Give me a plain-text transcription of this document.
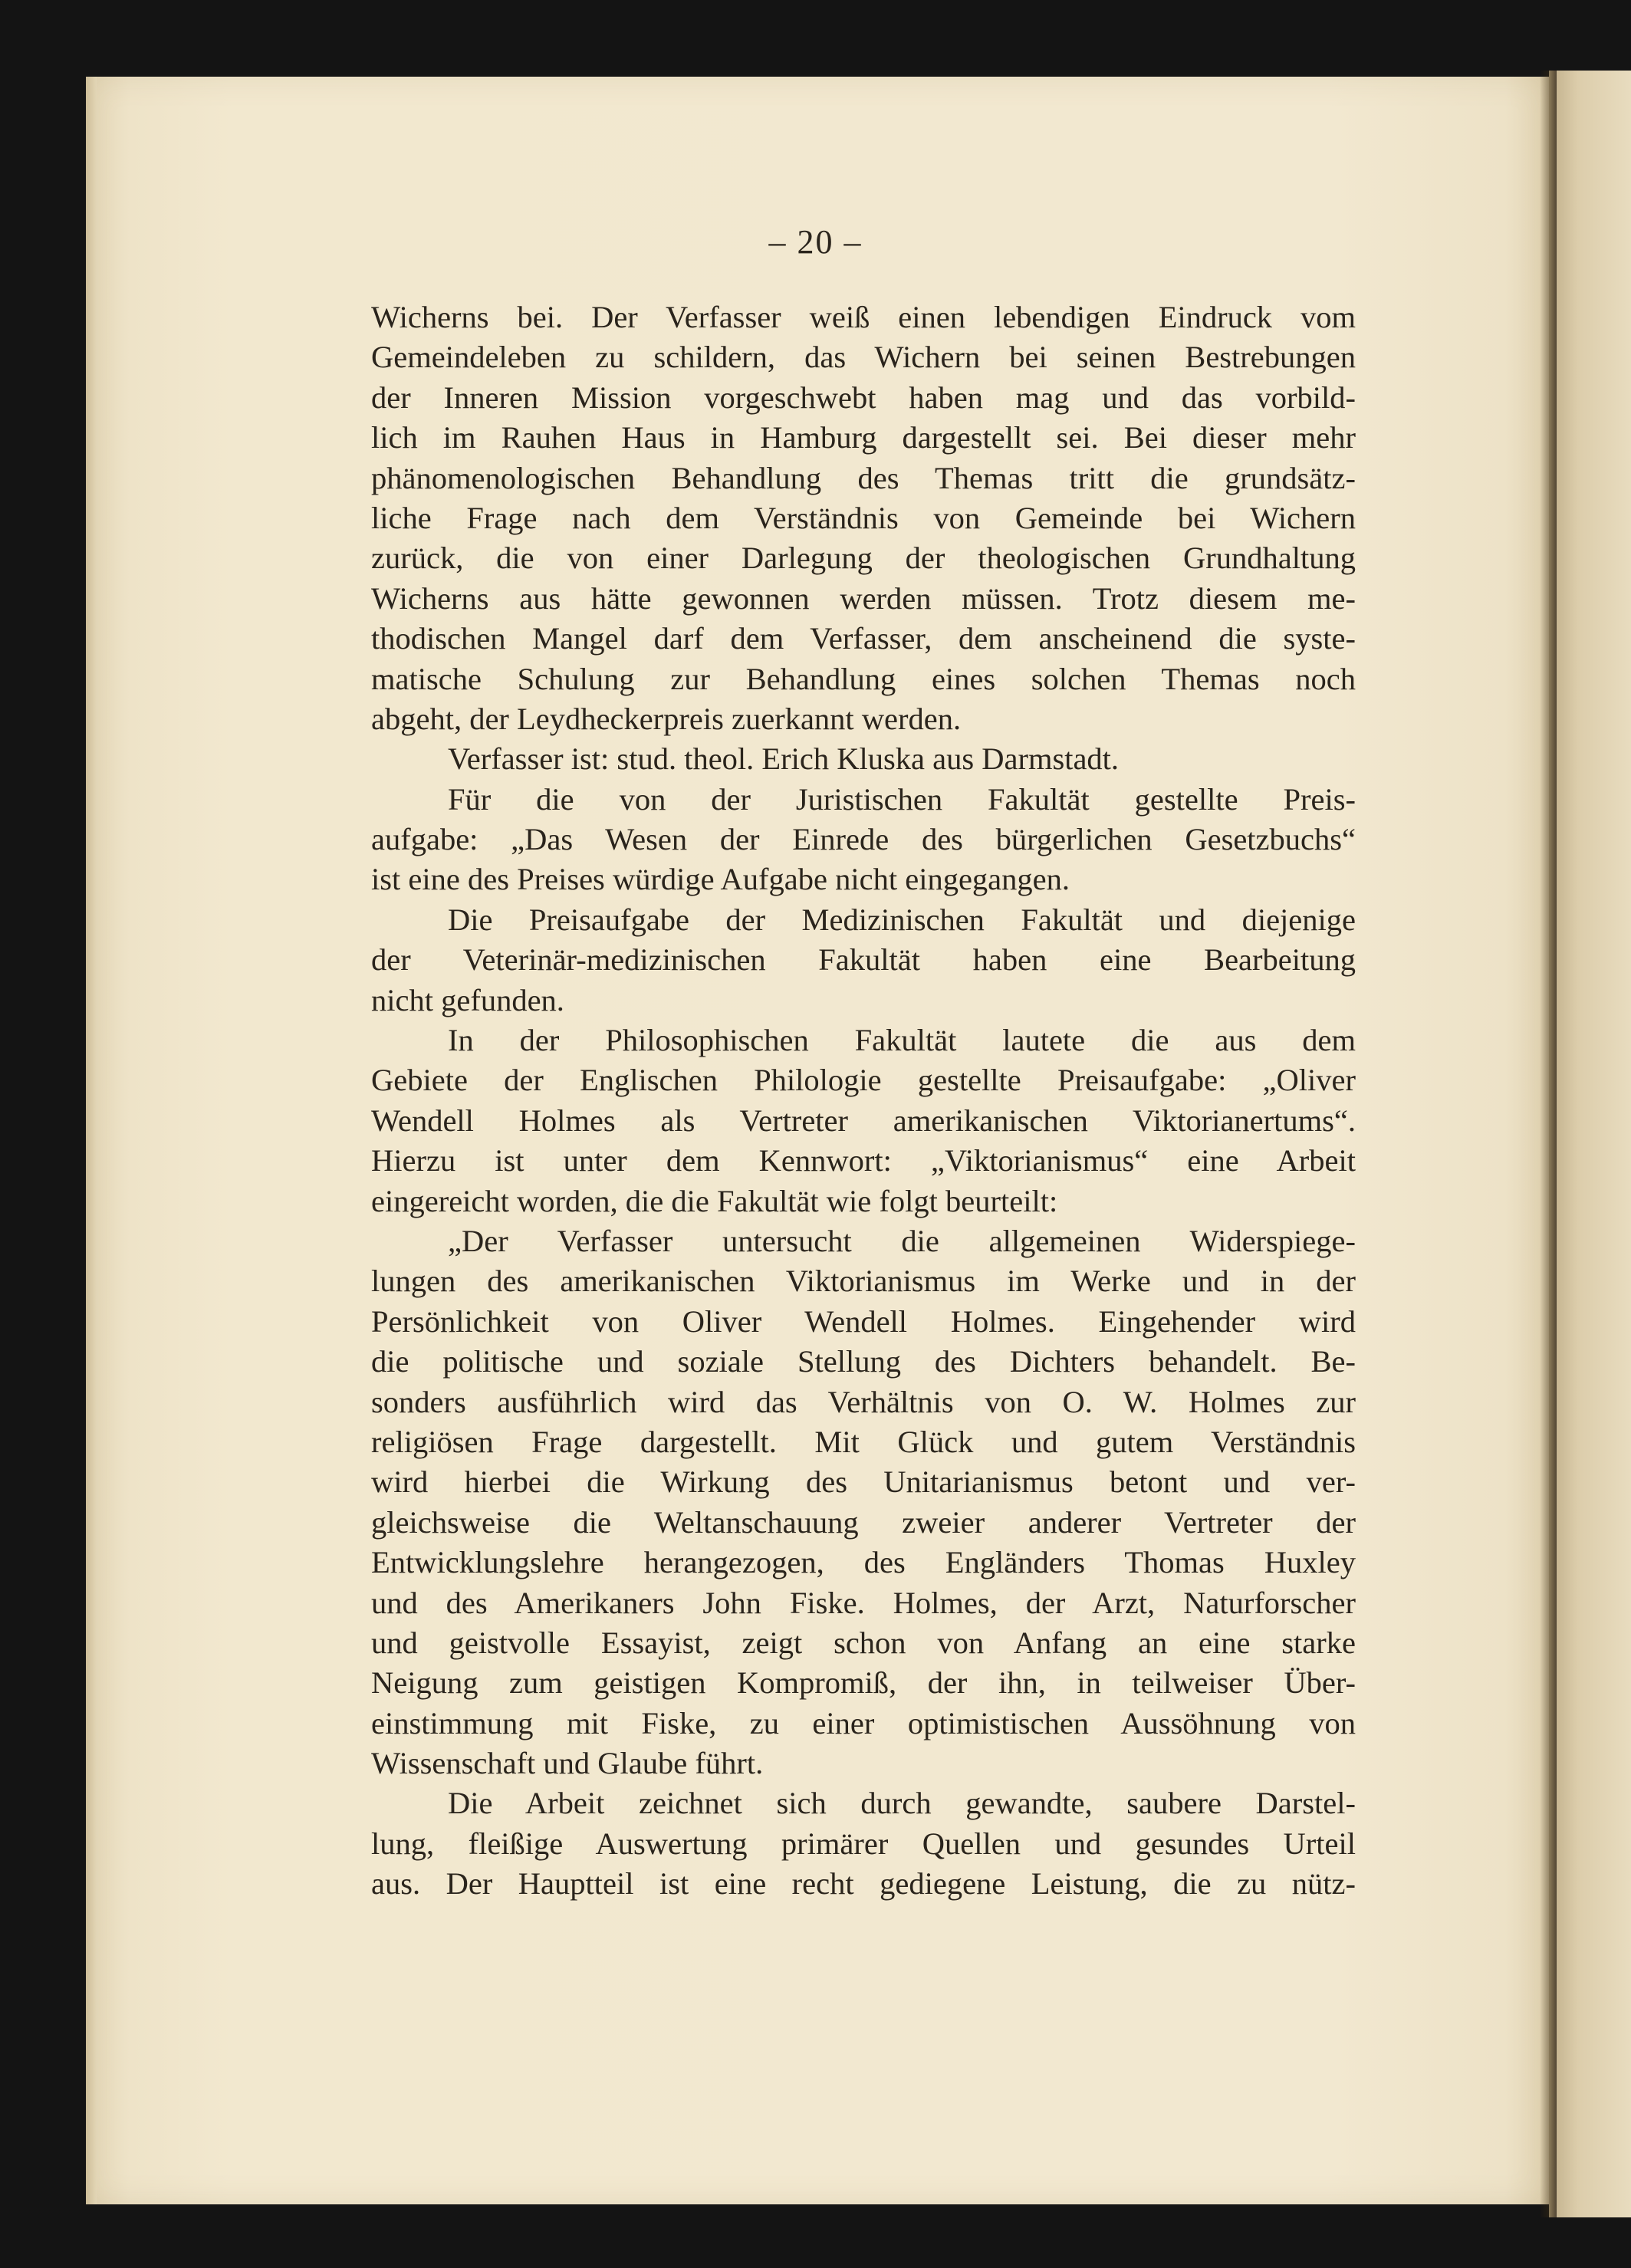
– 20 –
Wicherns bei. Der Verfasser weiß einen lebendigen Eindruck vom
Gemeindeleben zu schildern, das Wichern bei seinen Bestrebungen
der Inneren Mission vorgeschwebt haben mag und das vorbild-
lich im Rauhen Haus in Hamburg dargestellt sei. Bei dieser mehr
phänomenologischen Behandlung des Themas tritt die grundsätz-
liche Frage nach dem Verständnis von Gemeinde bei Wichern
zurück, die von einer Darlegung der theologischen Grundhaltung
Wicherns aus hätte gewonnen werden müssen. Trotz diesem me-
thodischen Mangel darf dem Verfasser, dem anscheinend die syste-
matische Schulung zur Behandlung eines solchen Themas noch
abgeht, der Leydheckerpreis zuerkannt werden.
Verfasser ist: stud. theol. Erich Kluska aus Darmstadt.
Für die von der Juristischen Fakultät gestellte Preis-
aufgabe: „Das Wesen der Einrede des bürgerlichen Gesetzbuchs“
ist eine des Preises würdige Aufgabe nicht eingegangen.
Die Preisaufgabe der Medizinischen Fakultät und diejenige
der Veterinär-medizinischen Fakultät haben eine Bearbeitung
nicht gefunden.
In der Philosophischen Fakultät lautete die aus dem
Gebiete der Englischen Philologie gestellte Preisaufgabe: „Oliver
Wendell Holmes als Vertreter amerikanischen Viktorianertums“.
Hierzu ist unter dem Kennwort: „Viktorianismus“ eine Arbeit
eingereicht worden, die die Fakultät wie folgt beurteilt:
„Der Verfasser untersucht die allgemeinen Widerspiege-
lungen des amerikanischen Viktorianismus im Werke und in der
Persönlichkeit von Oliver Wendell Holmes. Eingehender wird
die politische und soziale Stellung des Dichters behandelt. Be-
sonders ausführlich wird das Verhältnis von O. W. Holmes zur
religiösen Frage dargestellt. Mit Glück und gutem Verständnis
wird hierbei die Wirkung des Unitarianismus betont und ver-
gleichsweise die Weltanschauung zweier anderer Vertreter der
Entwicklungslehre herangezogen, des Engländers Thomas Huxley
und des Amerikaners John Fiske. Holmes, der Arzt, Naturforscher
und geistvolle Essayist, zeigt schon von Anfang an eine starke
Neigung zum geistigen Kompromiß, der ihn, in teilweiser Über-
einstimmung mit Fiske, zu einer optimistischen Aussöhnung von
Wissenschaft und Glaube führt.
Die Arbeit zeichnet sich durch gewandte, saubere Darstel-
lung, fleißige Auswertung primärer Quellen und gesundes Urteil
aus. Der Hauptteil ist eine recht gediegene Leistung, die zu nütz-
